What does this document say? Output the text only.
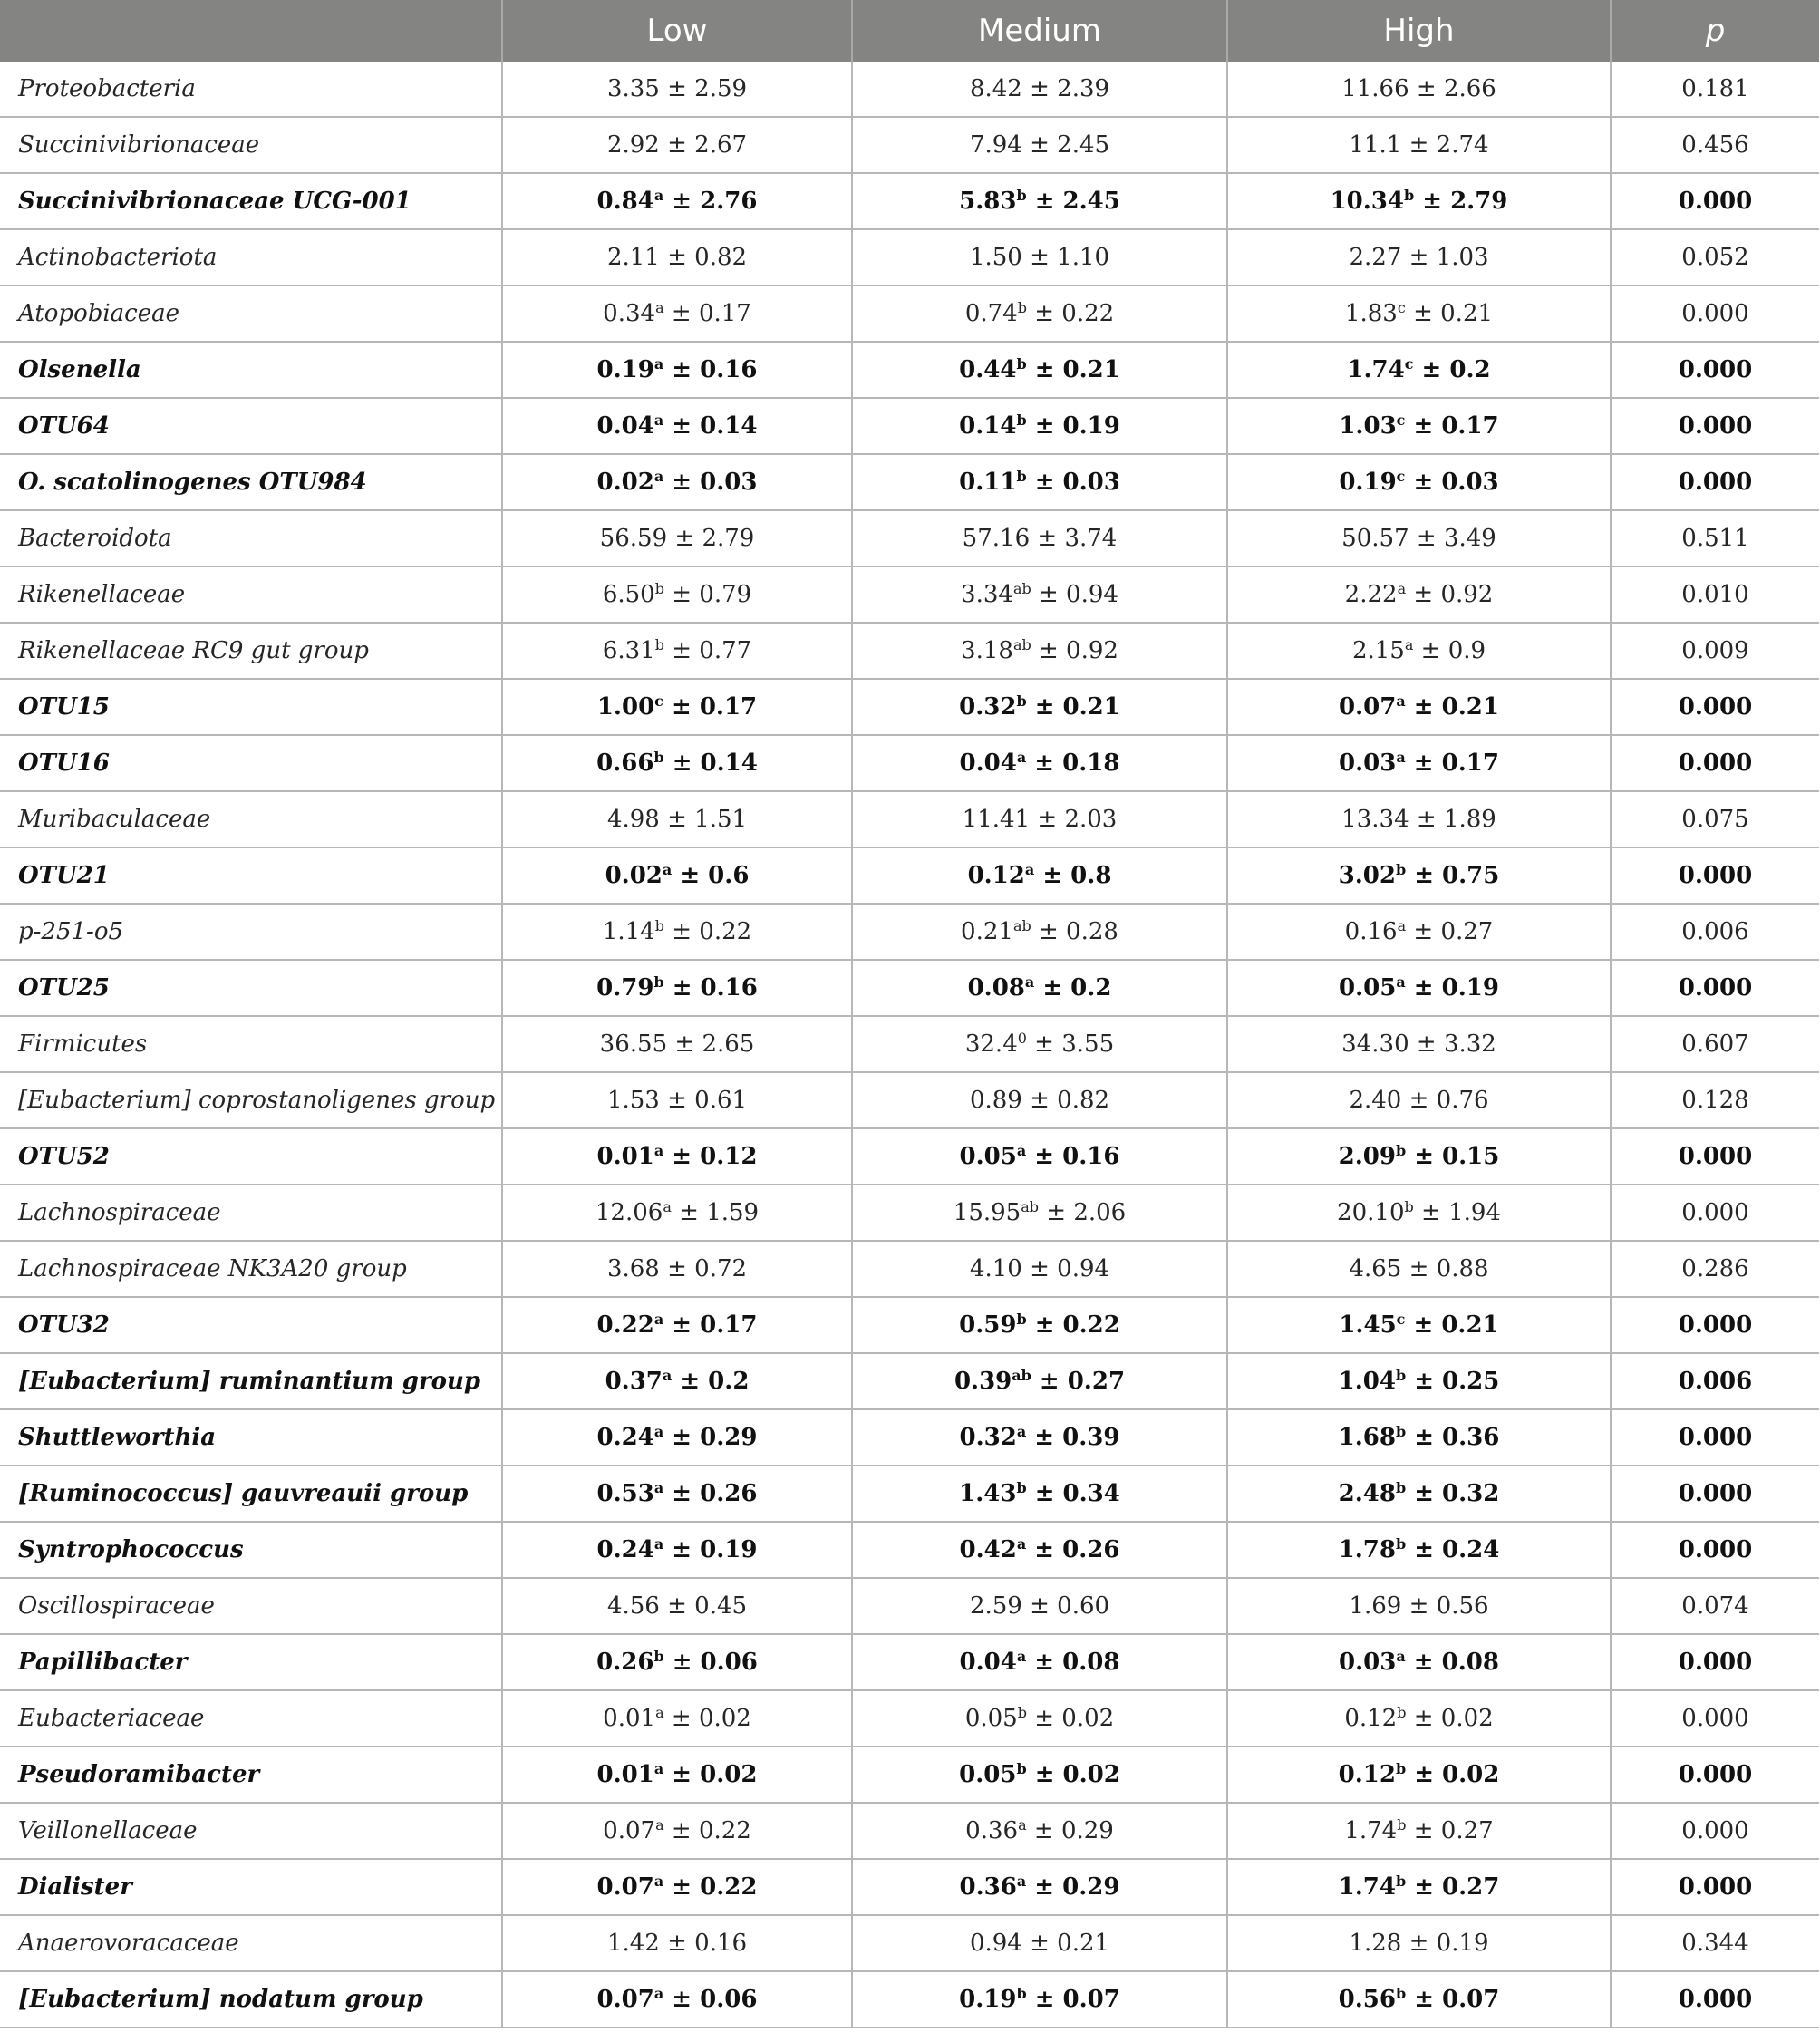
	Low	Medium	High	p
Proteobacteria	3.35 ± 2.59	8.42 ± 2.39	11.66 ± 2.66	0.181
Succinivibrionaceae	2.92 ± 2.67	7.94 ± 2.45	11.1 ± 2.74	0.456
Succinivibrionaceae UCG-001	0.84$^a$ ± 2.76	5.83$^b$ ± 2.45	10.34$^b$ ± 2.79	0.000
Actinobacteriota	2.11 ± 0.82	1.50 ± 1.10	2.27 ± 1.03	0.052
Atopobiaceae	0.34$^a$ ± 0.17	0.74$^b$ ± 0.22	1.83$^c$ ± 0.21	0.000
Olsenella	0.19$^a$ ± 0.16	0.44$^b$ ± 0.21	1.74$^c$ ± 0.2	0.000
OTU64	0.04$^a$ ± 0.14	0.14$^b$ ± 0.19	1.03$^c$ ± 0.17	0.000
O. scatolinogenes OTU984	0.02$^a$ ± 0.03	0.11$^b$ ± 0.03	0.19$^c$ ± 0.03	0.000
Bacteroidota	56.59 ± 2.79	57.16 ± 3.74	50.57 ± 3.49	0.511
Rikenellaceae	6.50$^b$ ± 0.79	3.34$^{ab}$ ± 0.94	2.22$^a$ ± 0.92	0.010
Rikenellaceae RC9 gut group	6.31$^b$ ± 0.77	3.18$^{ab}$ ± 0.92	2.15$^a$ ± 0.9	0.009
OTU15	1.00$^c$ ± 0.17	0.32$^b$ ± 0.21	0.07$^a$ ± 0.21	0.000
OTU16	0.66$^b$ ± 0.14	0.04$^a$ ± 0.18	0.03$^a$ ± 0.17	0.000
Muribaculaceae	4.98 ± 1.51	11.41 ± 2.03	13.34 ± 1.89	0.075
OTU21	0.02$^a$ ± 0.6	0.12$^a$ ± 0.8	3.02$^b$ ± 0.75	0.000
p-251-o5	1.14$^b$ ± 0.22	0.21$^{ab}$ ± 0.28	0.16$^a$ ± 0.27	0.006
OTU25	0.79$^b$ ± 0.16	0.08$^a$ ± 0.2	0.05$^a$ ± 0.19	0.000
Firmicutes	36.55 ± 2.65	$32.4^0 \pm 3.55$	34.30 ± 3.32	0.607
[Eubacterium] coprostanoligenes group	1.53 ± 0.61	0.89 ± 0.82	2.40 ± 0.76	0.128
OTU52	0.01$^a$ ± 0.12	0.05$^a$ ± 0.16	2.09$^b$ ± 0.15	0.000
Lachnospiraceae	12.06$^a$ ± 1.59	15.95$^{ab}$ ± 2.06	20.10$^b$ ± 1.94	0.000
Lachnospiraceae NK3A20 group	3.68 ± 0.72	4.10 ± 0.94	4.65 ± 0.88	0.286
OTU32	0.22$^a$ ± 0.17	0.59$^b$ ± 0.22	1.45$^c$ ± 0.21	0.000
[Eubacterium] ruminantium group	0.37$^a$ ± 0.2	0.39$^{ab}$ ± 0.27	1.04$^b$ ± 0.25	0.006
Shuttleworthia	0.24$^a$ ± 0.29	0.32$^a$ ± 0.39	1.68$^b$ ± 0.36	0.000
[Ruminococcus] gauvreauii group	0.53$^a$ ± 0.26	1.43$^b$ ± 0.34	2.48$^b$ ± 0.32	0.000
Syntrophococcus	0.24$^a$ ± 0.19	0.42$^a$ ± 0.26	1.78$^b$ ± 0.24	0.000
Oscillospiraceae	4.56 ± 0.45	2.59 ± 0.60	1.69 ± 0.56	0.074
Papillibacter	0.26$^b$ ± 0.06	0.04$^a$ ± 0.08	0.03$^a$ ± 0.08	0.000
Eubacteriaceae	0.01$^a$ ± 0.02	0.05$^b$ ± 0.02	0.12$^b$ ± 0.02	0.000
Pseudoramibacter	0.01$^a$ ± 0.02	0.05$^b$ ± 0.02	0.12$^b$ ± 0.02	0.000
Veillonellaceae	0.07$^a$ ± 0.22	0.36$^a$ ± 0.29	1.74$^b$ ± 0.27	0.000
Dialister	0.07$^a$ ± 0.22	0.36$^a$ ± 0.29	1.74$^b$ ± 0.27	0.000
Anaerovoracaceae	1.42 ± 0.16	0.94 ± 0.21	1.28 ± 0.19	0.344
[Eubacterium] nodatum group	0.07$^a$ ± 0.06	0.19$^b$ ± 0.07	0.56$^b$ ± 0.07	0.000
